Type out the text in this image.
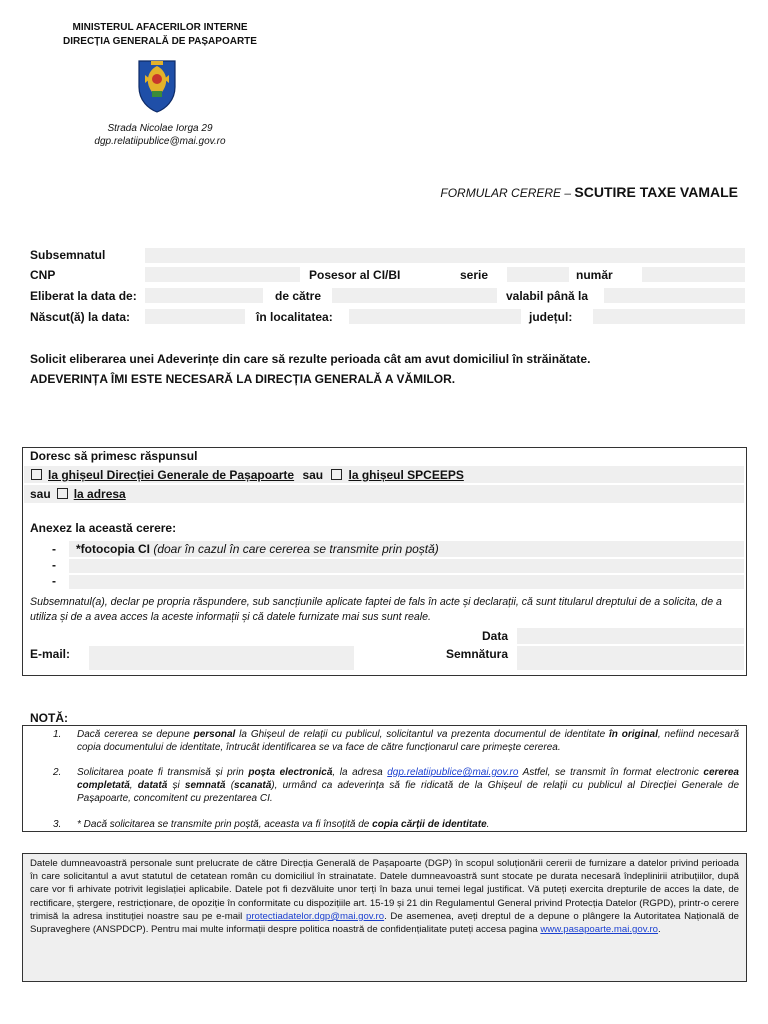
MINISTERUL AFACERILOR INTERNE
DIRECȚIA GENERALĂ DE PAȘAPOARTE
Strada Nicolae Iorga 29
dgp.relatiipublice@mai.gov.ro
FORMULAR CERERE – SCUTIRE TAXE VAMALE
Subsemnatul
CNP	Posesor al CI/BI	serie	număr
Eliberat la data de:	de către	valabil până la
Născut(ă) la data:	în localitatea:	județul:
Solicit eliberarea unei Adeverințe din care să rezulte perioada cât am avut domiciliul în străinătate.
ADEVERINȚA ÎMI ESTE NECESARĂ LA DIRECȚIA GENERALĂ A VĂMILOR.
Doresc să primesc răspunsul
la ghișeul Direcției Generale de Pașapoarte sau la ghișeul SPCEEPS
sau la adresa
Anexez la această cerere:
- *fotocopia CI (doar în cazul în care cererea se transmite prin poștă)
-
-
Subsemnatul(a), declar pe propria răspundere, sub sancțiunile aplicate faptei de fals în acte și declarații, că sunt titularul dreptului de a solicita, de a utiliza și de a avea acces la aceste informații și că datele furnizate mai sus sunt reale.
Data
E-mail:	Semnătura
NOTĂ:
1. Dacă cererea se depune personal la Ghișeul de relații cu publicul, solicitantul va prezenta documentul de identitate în original, nefiind necesară copia documentului de identitate, întrucât identificarea se va face de către funcționarul care primește cererea.
2. Solicitarea poate fi transmisă și prin poșta electronică, la adresa dgp.relatiipublice@mai.gov.ro Astfel, se transmit în format electronic cererea completată, datată și semnată (scanată), urmând ca adeverința să fie ridicată de la Ghișeul de relații cu publicul al Direcției Generale de Pașapoarte, concomitent cu prezentarea CI.
3. * Dacă solicitarea se transmite prin poștă, aceasta va fi însoțită de copia cărții de identitate.
Datele dumneavoastră personale sunt prelucrate de către Direcția Generală de Pașapoarte (DGP) în scopul soluționării cererii de furnizare a datelor privind perioada în care solicitantul a avut statutul de cetatean român cu domiciliul în strainatate. Datele dumneavoastră sunt stocate pe durata necesară îndeplinirii atribuțiilor, după care vor fi arhivate potrivit legislației aplicabile. Datele pot fi dezvăluite unor terți în baza unui temei legal justificat. Vă puteți exercita drepturile de acces la date, de rectificare, ștergere, restricționare, de opoziție în conformitate cu dispozițiile art. 15-19 și 21 din Regulamentul General privind Protecția Datelor (RGPD), printr-o cerere trimisă la adresa instituției noastre sau pe e-mail protectiadatelor.dgp@mai.gov.ro. De asemenea, aveți dreptul de a depune o plângere la Autoritatea Națională de Supraveghere (ANSPDCP). Pentru mai multe informații despre politica noastră de confidențialitate puteți accesa pagina www.pasapoarte.mai.gov.ro.
